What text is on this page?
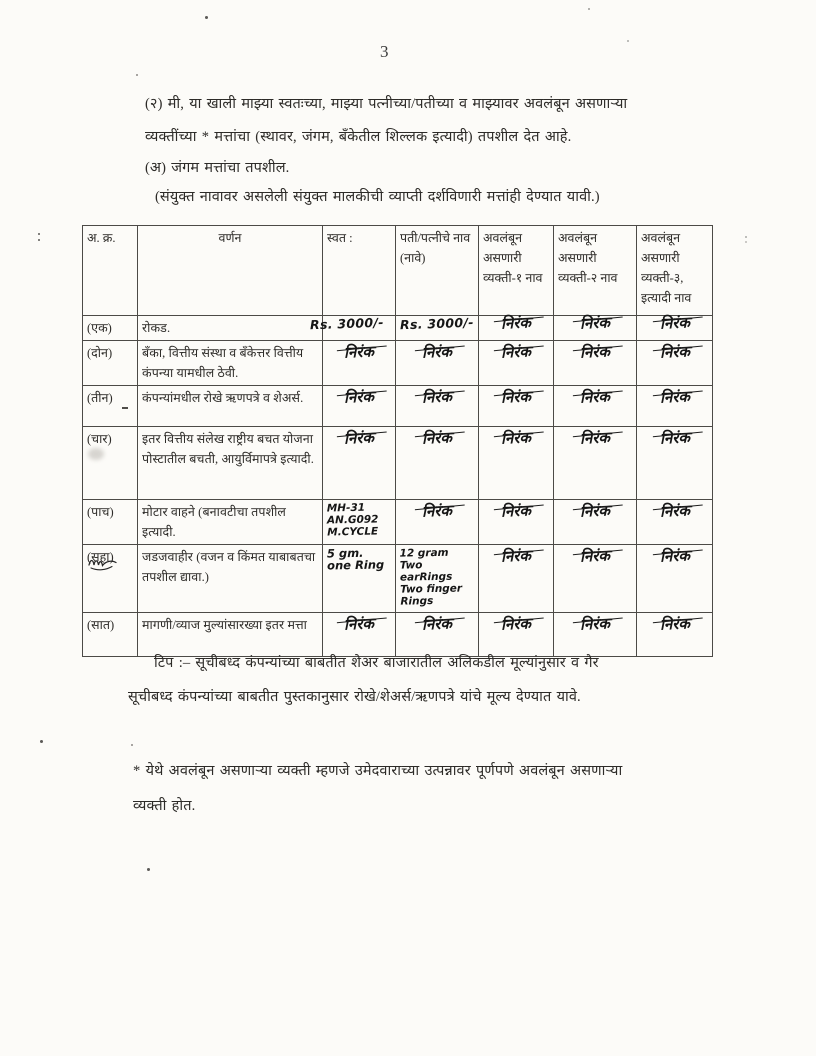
3
(२) मी, या खाली माझ्या स्वतःच्या, माझ्या पत्नीच्या/पतीच्या व माझ्यावर अवलंबून असणाऱ्या
व्यक्तींच्या * मत्तांचा (स्थावर, जंगम, बँकेतील शिल्लक इत्यादी) तपशील देत आहे.
(अ) जंगम मत्तांचा तपशील.
(संयुक्त नावावर असलेली संयुक्त मालकीची व्याप्ती दर्शविणारी मत्तांही देण्यात यावी.)
अ. क्र.	वर्णन	स्वत :	पती/पत्नीचे नाव (नावे)	अवलंबून असणारी व्यक्ती-१ नाव	अवलंबून असणारी व्यक्ती-२ नाव	अवलंबून असणारी व्यक्ती-३, इत्यादी नाव
(एक)	रोकड.	Rs. 3000/-	Rs. 3000/-	निरंक	निरंक	निरंक
(दोन)	बँका, वित्तीय संस्था व बँकेत्तर वित्तीय कंपन्या यामधील ठेवी.	निरंक	निरंक	निरंक	निरंक	निरंक
(तीन)	कंपन्यांमधील रोखे ऋणपत्रे व शेअर्स.	निरंक	निरंक	निरंक	निरंक	निरंक
(चार)	इतर वित्तीय संलेख राष्ट्रीय बचत योजना पोस्टातील बचती, आयुर्विमापत्रे इत्यादी.	निरंक	निरंक	निरंक	निरंक	निरंक
(पाच)	मोटार वाहने (बनावटीचा तपशील इत्यादी.	MH-31
AN.G092
M.CYCLE	निरंक	निरंक	निरंक	निरंक
(सहा)	जडजवाहीर (वजन व किंमत याबाबतचा तपशील द्यावा.)	5 gm.
one Ring	12 gram
Two earRings
Two finger Rings	निरंक	निरंक	निरंक
(सात)	मागणी/व्याज मुल्यांसारख्या इतर मत्ता	निरंक	निरंक	निरंक	निरंक	निरंक
टिप :– सूचीबध्द कंपन्यांच्या बाबतीत शेअर बाजारातील अलिकडील मूल्यांनुसार व गैर
सूचीबध्द कंपन्यांच्या बाबतीत पुस्तकानुसार रोखे/शेअर्स/ऋणपत्रे यांचे मूल्य देण्यात यावे.
* येथे अवलंबून असणाऱ्या व्यक्ती म्हणजे उमेदवाराच्या उत्पन्नावर पूर्णपणे अवलंबून असणाऱ्या
व्यक्ती होत.
